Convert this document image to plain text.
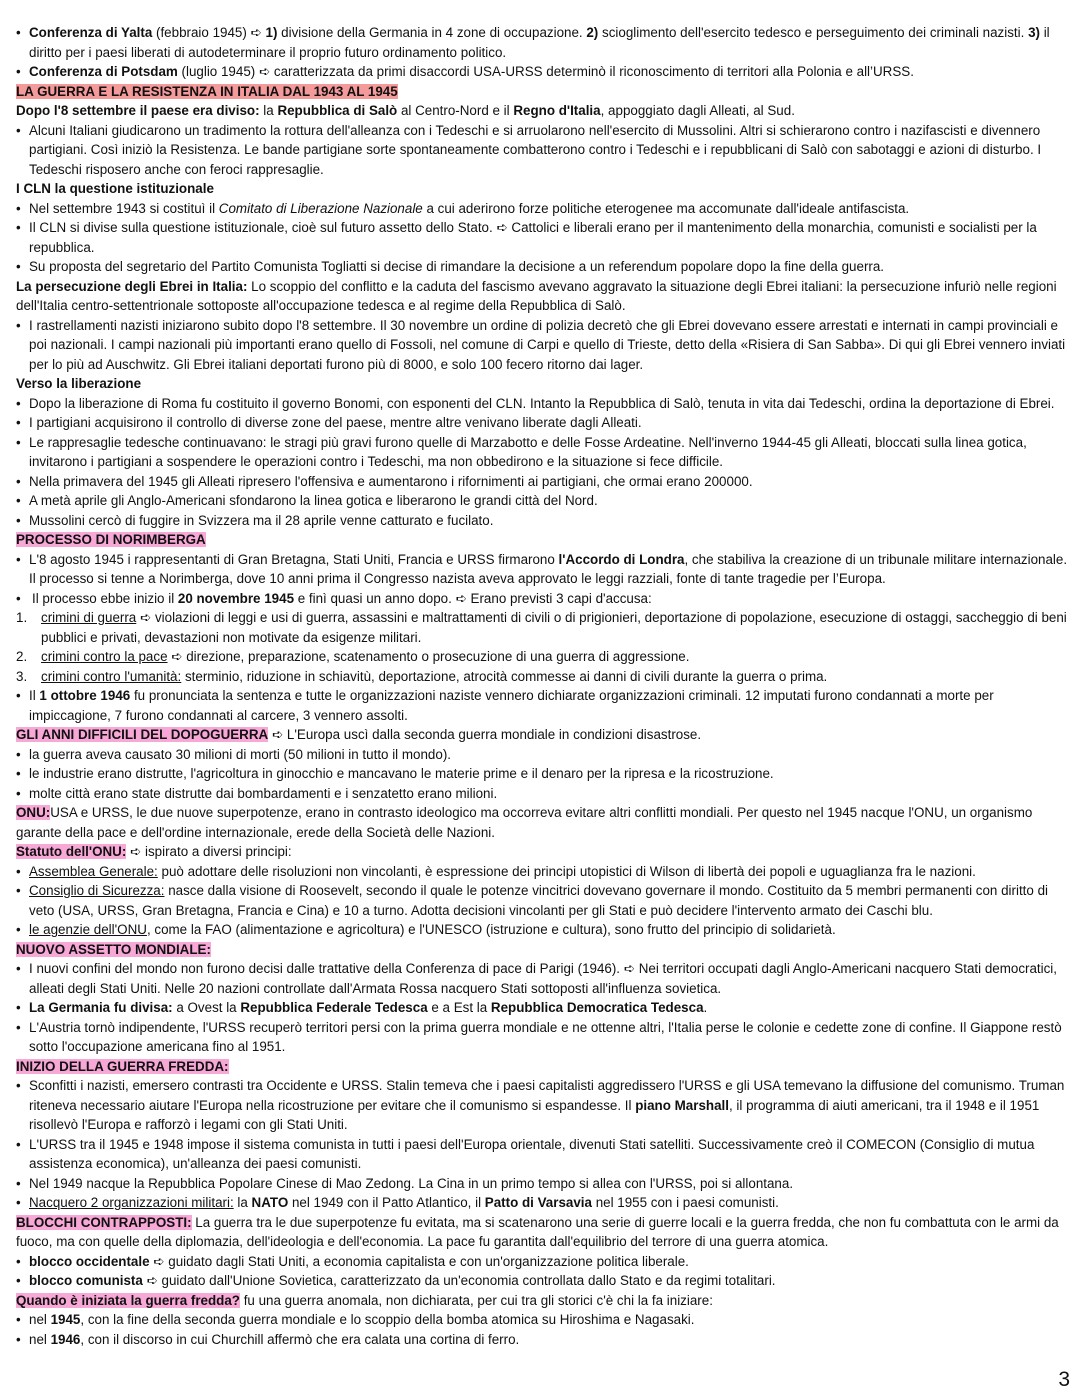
• Conferenza di Yalta (febbraio 1945) ➪ 1) divisione della Germania in 4 zone di occupazione. 2) scioglimento dell'esercito tedesco e perseguimento dei criminali nazisti. 3) il diritto per i paesi liberati di autodeterminare il proprio futuro ordinamento politico.
• Conferenza di Potsdam (luglio 1945) ➪ caratterizzata da primi disaccordi USA-URSS determinò il riconoscimento di territori alla Polonia e all’URSS.
LA GUERRA E LA RESISTENZA IN ITALIA DAL 1943 AL 1945
Dopo l'8 settembre il paese era diviso: la Repubblica di Salò al Centro-Nord e il Regno d'Italia, appoggiato dagli Alleati, al Sud.
• Alcuni Italiani giudicarono un tradimento la rottura dell'alleanza con i Tedeschi e si arruolarono nell'esercito di Mussolini. Altri si schierarono contro i nazifascisti e divennero partigiani. Così iniziò la Resistenza. Le bande partigiane sorte spontaneamente combatterono contro i Tedeschi e i repubblicani di Salò con sabotaggi e azioni di disturbo. I Tedeschi risposero anche con feroci rappresaglie.
I CLN la questione istituzionale
• Nel settembre 1943 si costituì il Comitato di Liberazione Nazionale a cui aderirono forze politiche eterogenee ma accomunate dall'ideale antifascista.
• Il CLN si divise sulla questione istituzionale, cioè sul futuro assetto dello Stato. ➪ Cattolici e liberali erano per il mantenimento della monarchia, comunisti e socialisti per la repubblica.
• Su proposta del segretario del Partito Comunista Togliatti si decise di rimandare la decisione a un referendum popolare dopo la fine della guerra.
La persecuzione degli Ebrei in Italia: Lo scoppio del conflitto e la caduta del fascismo avevano aggravato la situazione degli Ebrei italiani: la persecuzione infuriò nelle regioni dell'Italia centro-settentrionale sottoposte all'occupazione tedesca e al regime della Repubblica di Salò.
• I rastrellamenti nazisti iniziarono subito dopo l'8 settembre. Il 30 novembre un ordine di polizia decretò che gli Ebrei dovevano essere arrestati e internati in campi provinciali e poi nazionali. I campi nazionali più importanti erano quello di Fossoli, nel comune di Carpi e quello di Trieste, detto della «Risiera di San Sabba». Di qui gli Ebrei vennero inviati per lo più ad Auschwitz. Gli Ebrei italiani deportati furono più di 8000, e solo 100 fecero ritorno dai lager.
Verso la liberazione
• Dopo la liberazione di Roma fu costituito il governo Bonomi, con esponenti del CLN. Intanto la Repubblica di Salò, tenuta in vita dai Tedeschi, ordina la deportazione di Ebrei.
• I partigiani acquisirono il controllo di diverse zone del paese, mentre altre venivano liberate dagli Alleati.
• Le rappresaglie tedesche continuavano: le stragi più gravi furono quelle di Marzabotto e delle Fosse Ardeatine. Nell'inverno 1944-45 gli Alleati, bloccati sulla linea gotica, invitarono i partigiani a sospendere le operazioni contro i Tedeschi, ma non obbedirono e la situazione si fece difficile.
• Nella primavera del 1945 gli Alleati ripresero l'offensiva e aumentarono i rifornimenti ai partigiani, che ormai erano 200000.
• A metà aprile gli Anglo-Americani sfondarono la linea gotica e liberarono le grandi città del Nord.
• Mussolini cercò di fuggire in Svizzera ma il 28 aprile venne catturato e fucilato.
PROCESSO DI NORIMBERGA
• L'8 agosto 1945 i rappresentanti di Gran Bretagna, Stati Uniti, Francia e URSS firmarono l'Accordo di Londra, che stabiliva la creazione di un tribunale militare internazionale. Il processo si tenne a Norimberga, dove 10 anni prima il Congresso nazista aveva approvato le leggi razziali, fonte di tante tragedie per l’Europa.
• Il processo ebbe inizio il 20 novembre 1945 e finì quasi un anno dopo. ➪ Erano previsti 3 capi d'accusa:
1. crimini di guerra ➪ violazioni di leggi e usi di guerra, assassini e maltrattamenti di civili o di prigionieri, deportazione di popolazione, esecuzione di ostaggi, saccheggio di beni pubblici e privati, devastazioni non motivate da esigenze militari.
2. crimini contro la pace ➪ direzione, preparazione, scatenamento o prosecuzione di una guerra di aggressione.
3. crimini contro l'umanità: sterminio, riduzione in schiavitù, deportazione, atrocità commesse ai danni di civili durante la guerra o prima.
• Il 1 ottobre 1946 fu pronunciata la sentenza e tutte le organizzazioni naziste vennero dichiarate organizzazioni criminali. 12 imputati furono condannati a morte per impiccagione, 7 furono condannati al carcere, 3 vennero assolti.
GLI ANNI DIFFICILI DEL DOPOGUERRA ➪ L'Europa uscì dalla seconda guerra mondiale in condizioni disastrose.
• la guerra aveva causato 30 milioni di morti (50 milioni in tutto il mondo).
• le industrie erano distrutte, l'agricoltura in ginocchio e mancavano le materie prime e il denaro per la ripresa e la ricostruzione.
• molte città erano state distrutte dai bombardamenti e i senzatetto erano milioni.
ONU:USA e URSS, le due nuove superpotenze, erano in contrasto ideologico ma occorreva evitare altri conflitti mondiali. Per questo nel 1945 nacque l'ONU, un organismo garante della pace e dell'ordine internazionale, erede della Società delle Nazioni.
Statuto dell'ONU: ➪ ispirato a diversi principi:
• Assemblea Generale: può adottare delle risoluzioni non vincolanti, è espressione dei principi utopistici di Wilson di libertà dei popoli e uguaglianza fra le nazioni.
• Consiglio di Sicurezza: nasce dalla visione di Roosevelt, secondo il quale le potenze vincitrici dovevano governare il mondo. Costituito da 5 membri permanenti con diritto di veto (USA, URSS, Gran Bretagna, Francia e Cina) e 10 a turno. Adotta decisioni vincolanti per gli Stati e può decidere l'intervento armato dei Caschi blu.
• le agenzie dell'ONU, come la FAO (alimentazione e agricoltura) e l'UNESCO (istruzione e cultura), sono frutto del principio di solidarietà.
NUOVO ASSETTO MONDIALE:
• I nuovi confini del mondo non furono decisi dalle trattative della Conferenza di pace di Parigi (1946). ➪ Nei territori occupati dagli Anglo-Americani nacquero Stati democratici, alleati degli Stati Uniti. Nelle 20 nazioni controllate dall'Armata Rossa nacquero Stati sottoposti all'influenza sovietica.
• La Germania fu divisa: a Ovest la Repubblica Federale Tedesca e a Est la Repubblica Democratica Tedesca.
• L'Austria tornò indipendente, l'URSS recuperò territori persi con la prima guerra mondiale e ne ottenne altri, l'Italia perse le colonie e cedette zone di confine. Il Giappone restò sotto l'occupazione americana fino al 1951.
INIZIO DELLA GUERRA FREDDA:
• Sconfitti i nazisti, emersero contrasti tra Occidente e URSS. Stalin temeva che i paesi capitalisti aggredissero l'URSS e gli USA temevano la diffusione del comunismo. Truman riteneva necessario aiutare l'Europa nella ricostruzione per evitare che il comunismo si espandesse. Il piano Marshall, il programma di aiuti americani, tra il 1948 e il 1951 risollevò l'Europa e rafforzò i legami con gli Stati Uniti.
• L'URSS tra il 1945 e 1948 impose il sistema comunista in tutti i paesi dell'Europa orientale, divenuti Stati satelliti. Successivamente creò il COMECON (Consiglio di mutua assistenza economica), un'alleanza dei paesi comunisti.
• Nel 1949 nacque la Repubblica Popolare Cinese di Mao Zedong. La Cina in un primo tempo si allea con l'URSS, poi si allontana.
• Nacquero 2 organizzazioni militari: la NATO nel 1949 con il Patto Atlantico, il Patto di Varsavia nel 1955 con i paesi comunisti.
BLOCCHI CONTRAPPOSTI: La guerra tra le due superpotenze fu evitata, ma si scatenarono una serie di guerre locali e la guerra fredda, che non fu combattuta con le armi da fuoco, ma con quelle della diplomazia, dell'ideologia e dell'economia. La pace fu garantita dall'equilibrio del terrore di una guerra atomica.
• blocco occidentale ➪ guidato dagli Stati Uniti, a economia capitalista e con un'organizzazione politica liberale.
• blocco comunista ➪ guidato dall'Unione Sovietica, caratterizzato da un'economia controllata dallo Stato e da regimi totalitari.
Quando è iniziata la guerra fredda? fu una guerra anomala, non dichiarata, per cui tra gli storici c'è chi la fa iniziare:
• nel 1945, con la fine della seconda guerra mondiale e lo scoppio della bomba atomica su Hiroshima e Nagasaki.
• nel 1946, con il discorso in cui Churchill affermò che era calata una cortina di ferro.
3
